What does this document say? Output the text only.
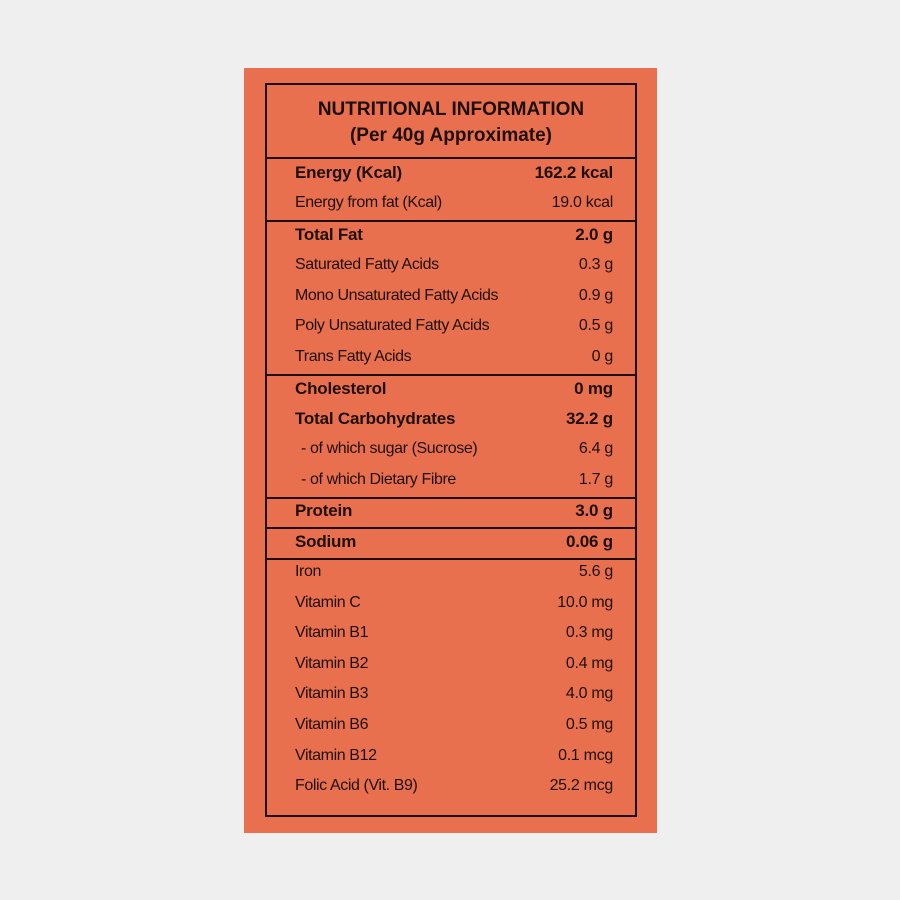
NUTRITIONAL INFORMATION
(Per 40g Approximate)
Energy (Kcal)	162.2 kcal
Energy from fat (Kcal)	19.0 kcal
Total Fat	2.0 g
Saturated Fatty Acids	0.3 g
Mono Unsaturated Fatty Acids	0.9 g
Poly Unsaturated Fatty Acids	0.5 g
Trans Fatty Acids	0 g
Cholesterol	0 mg
Total Carbohydrates	32.2 g
- of which sugar (Sucrose)	6.4 g
- of which Dietary Fibre	1.7 g
Protein	3.0 g
Sodium	0.06 g
Iron	5.6 g
Vitamin C	10.0 mg
Vitamin B1	0.3 mg
Vitamin B2	0.4 mg
Vitamin B3	4.0 mg
Vitamin B6	0.5 mg
Vitamin B12	0.1 mcg
Folic Acid (Vit. B9)	25.2 mcg
